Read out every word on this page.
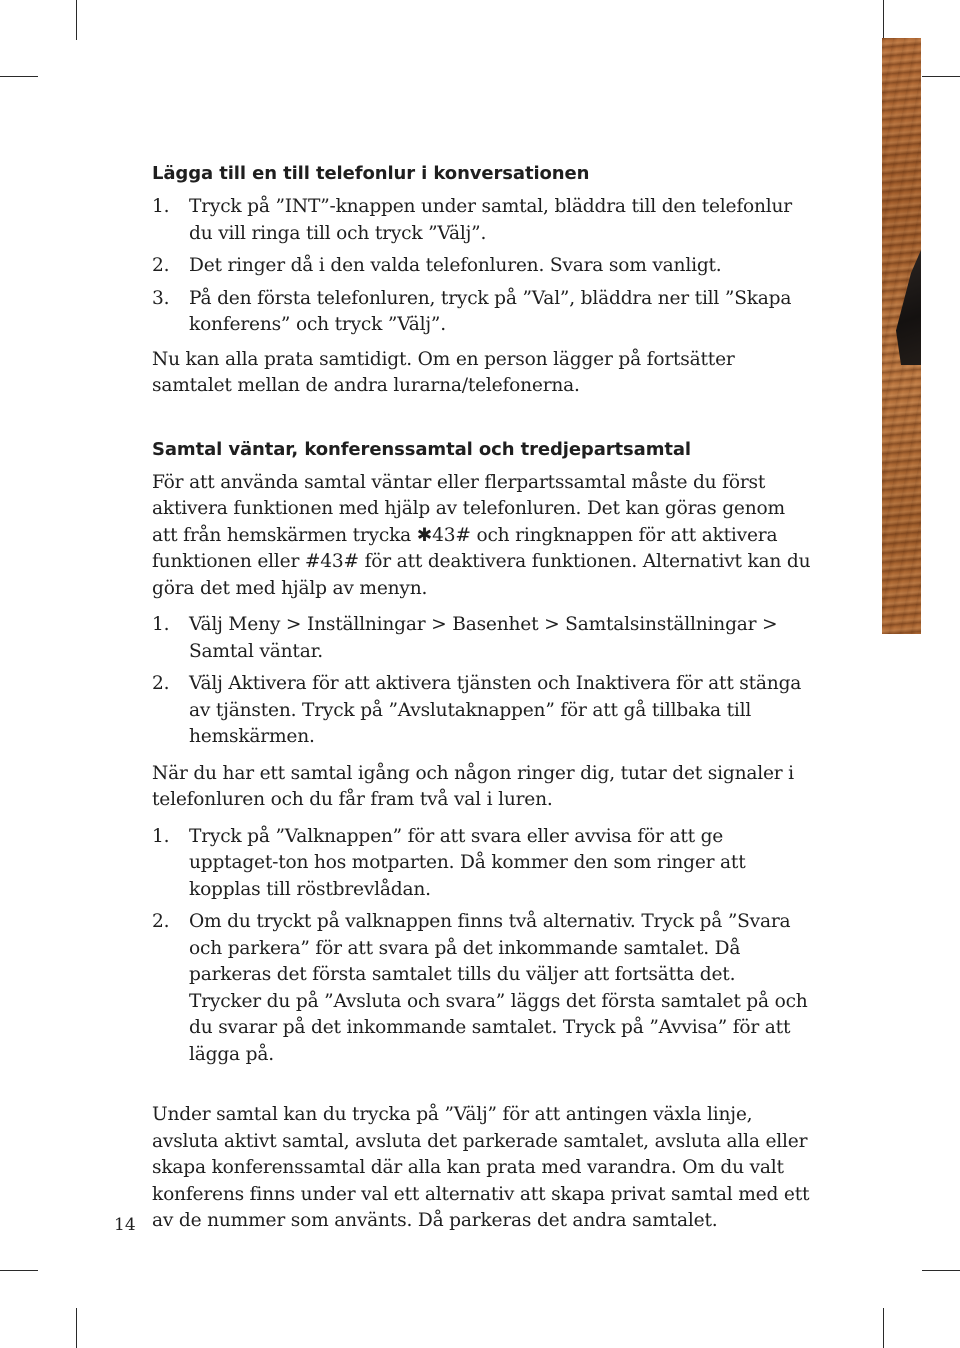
Lägga till en till telefonlur i konversationen
1. Tryck på ”INT”-knappen under samtal, bläddra till den telefonlur du vill ringa till och tryck ”Välj”.
2. Det ringer då i den valda telefonluren. Svara som vanligt.
3. På den första telefonluren, tryck på ”Val”, bläddra ner till ”Skapa konferens” och tryck ”Välj”.

Nu kan alla prata samtidigt. Om en person lägger på fortsätter samtalet mellan de andra lurarna/telefonerna.

Samtal väntar, konferenssamtal och tredjepartsamtal

För att använda samtal väntar eller flerpartssamtal måste du först aktivera funktionen med hjälp av telefonluren. Det kan göras genom att från hemskärmen trycka ✱43# och ringknappen för att aktivera funktionen eller #43# för att deaktivera funktionen. Alternativt kan du göra det med hjälp av menyn.

1. Välj Meny > Inställningar > Basenhet > Samtalsinställningar > Samtal väntar.
2. Välj Aktivera för att aktivera tjänsten och Inaktivera för att stänga av tjänsten. Tryck på ”Avslutaknappen” för att gå tillbaka till hemskärmen.

När du har ett samtal igång och någon ringer dig, tutar det signaler i telefonluren och du får fram två val i luren.

1. Tryck på ”Valknappen” för att svara eller avvisa för att ge upptaget-ton hos motparten. Då kommer den som ringer att kopplas till röstbrevlådan.
2. Om du tryckt på valknappen finns två alternativ. Tryck på ”Svara och parkera” för att svara på det inkommande samtalet. Då parkeras det första samtalet tills du väljer att fortsätta det. Trycker du på ”Avsluta och svara” läggs det första samtalet på och du svarar på det inkommande samtalet. Tryck på ”Avvisa” för att lägga på.

Under samtal kan du trycka på ”Välj” för att antingen växla linje, avsluta aktivt samtal, avsluta det parkerade samtalet, avsluta alla eller skapa konferenssamtal där alla kan prata med varandra. Om du valt konferens finns under val ett alternativ att skapa privat samtal med ett av de nummer som använts. Då parkeras det andra samtalet.

14
